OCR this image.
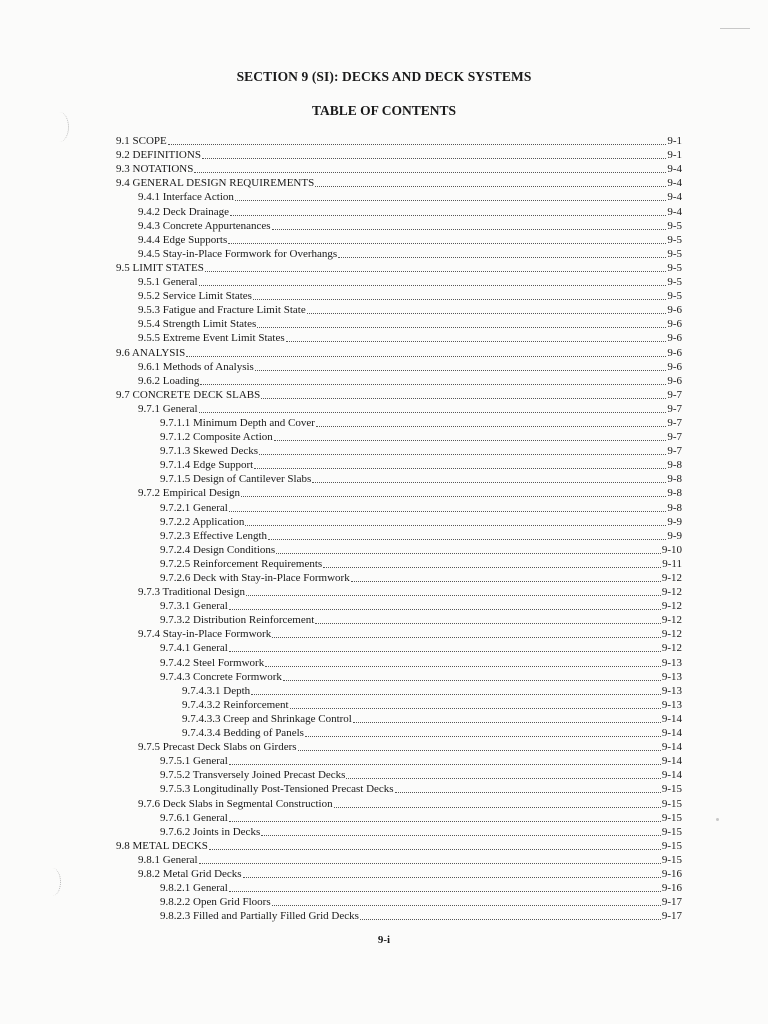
SECTION 9 (SI): DECKS AND DECK SYSTEMS
TABLE OF CONTENTS
9.1 SCOPE	9-1
9.2 DEFINITIONS	9-1
9.3 NOTATIONS	9-4
9.4 GENERAL DESIGN REQUIREMENTS	9-4
9.4.1 Interface Action	9-4
9.4.2 Deck Drainage	9-4
9.4.3 Concrete Appurtenances	9-5
9.4.4 Edge Supports	9-5
9.4.5 Stay-in-Place Formwork for Overhangs	9-5
9.5 LIMIT STATES	9-5
9.5.1 General	9-5
9.5.2 Service Limit States	9-5
9.5.3 Fatigue and Fracture Limit State	9-6
9.5.4 Strength Limit States	9-6
9.5.5 Extreme Event Limit States	9-6
9.6 ANALYSIS	9-6
9.6.1 Methods of Analysis	9-6
9.6.2 Loading	9-6
9.7 CONCRETE DECK SLABS	9-7
9.7.1 General	9-7
9.7.1.1 Minimum Depth and Cover	9-7
9.7.1.2 Composite Action	9-7
9.7.1.3 Skewed Decks	9-7
9.7.1.4 Edge Support	9-8
9.7.1.5 Design of Cantilever Slabs	9-8
9.7.2 Empirical Design	9-8
9.7.2.1 General	9-8
9.7.2.2 Application	9-9
9.7.2.3 Effective Length	9-9
9.7.2.4 Design Conditions	9-10
9.7.2.5 Reinforcement Requirements	9-11
9.7.2.6 Deck with Stay-in-Place Formwork	9-12
9.7.3 Traditional Design	9-12
9.7.3.1 General	9-12
9.7.3.2 Distribution Reinforcement	9-12
9.7.4 Stay-in-Place Formwork	9-12
9.7.4.1 General	9-12
9.7.4.2 Steel Formwork	9-13
9.7.4.3 Concrete Formwork	9-13
9.7.4.3.1 Depth	9-13
9.7.4.3.2 Reinforcement	9-13
9.7.4.3.3 Creep and Shrinkage Control	9-14
9.7.4.3.4 Bedding of Panels	9-14
9.7.5 Precast Deck Slabs on Girders	9-14
9.7.5.1 General	9-14
9.7.5.2 Transversely Joined Precast Decks	9-14
9.7.5.3 Longitudinally Post-Tensioned Precast Decks	9-15
9.7.6 Deck Slabs in Segmental Construction	9-15
9.7.6.1 General	9-15
9.7.6.2 Joints in Decks	9-15
9.8 METAL DECKS	9-15
9.8.1 General	9-15
9.8.2 Metal Grid Decks	9-16
9.8.2.1 General	9-16
9.8.2.2 Open Grid Floors	9-17
9.8.2.3 Filled and Partially Filled Grid Decks	9-17
9-i
